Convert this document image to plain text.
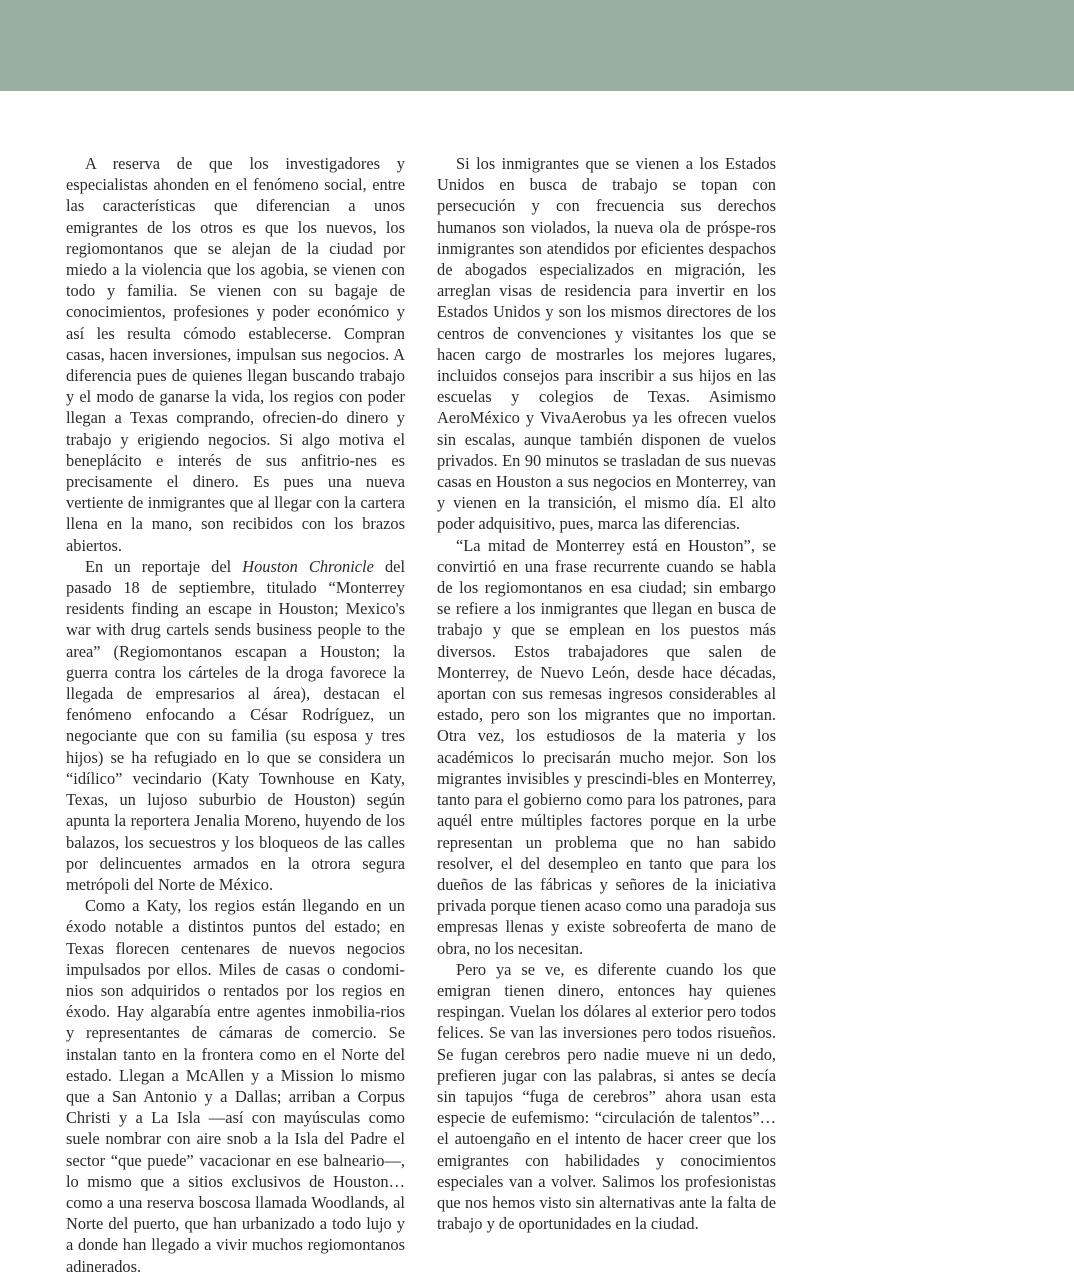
A reserva de que los investigadores y especialistas ahonden en el fenómeno social, entre las características que diferencian a unos emigrantes de los otros es que los nuevos, los regiomontanos que se alejan de la ciudad por miedo a la violencia que los agobia, se vienen con todo y familia. Se vienen con su bagaje de conocimientos, profesiones y poder económico y así les resulta cómodo establecerse. Compran casas, hacen inversiones, impulsan sus negocios. A diferencia pues de quienes llegan buscando trabajo y el modo de ganarse la vida, los regios con poder llegan a Texas comprando, ofrecien-do dinero y trabajo y erigiendo negocios. Si algo motiva el beneplácito e interés de sus anfitrio-nes es precisamente el dinero. Es pues una nueva vertiente de inmigrantes que al llegar con la cartera llena en la mano, son recibidos con los brazos abiertos.

En un reportaje del Houston Chronicle del pasado 18 de septiembre, titulado “Monterrey residents finding an escape in Houston; Mexico's war with drug cartels sends business people to the area” (Regiomontanos escapan a Houston; la guerra contra los cárteles de la droga favorece la llegada de empresarios al área), destacan el fenómeno enfocando a César Rodríguez, un negociante que con su familia (su esposa y tres hijos) se ha refugiado en lo que se considera un “idílico” vecindario (Katy Townhouse en Katy, Texas, un lujoso suburbio de Houston) según apunta la reportera Jenalia Moreno, huyendo de los balazos, los secuestros y los bloqueos de las calles por delincuentes armados en la otrora segura metrópoli del Norte de México.

Como a Katy, los regios están llegando en un éxodo notable a distintos puntos del estado; en Texas florecen centenares de nuevos negocios impulsados por ellos. Miles de casas o condomi-nios son adquiridos o rentados por los regios en éxodo. Hay algarabía entre agentes inmobilia-rios y representantes de cámaras de comercio. Se instalan tanto en la frontera como en el Norte del estado. Llegan a McAllen y a Mission lo mismo que a San Antonio y a Dallas; arriban a Corpus Christi y a La Isla —así con mayúsculas como suele nombrar con aire snob a la Isla del Padre el sector “que puede” vacacionar en ese balneario—, lo mismo que a sitios exclusivos de Houston… como a una reserva boscosa llamada Woodlands, al Norte del puerto, que han urbanizado a todo lujo y a donde han llegado a vivir muchos regiomontanos adinerados.

Si los inmigrantes que se vienen a los Estados Unidos en busca de trabajo se topan con persecución y con frecuencia sus derechos humanos son violados, la nueva ola de próspe-ros inmigrantes son atendidos por eficientes despachos de abogados especializados en migración, les arreglan visas de residencia para invertir en los Estados Unidos y son los mismos directores de los centros de convenciones y visitantes los que se hacen cargo de mostrarles los mejores lugares, incluidos consejos para inscribir a sus hijos en las escuelas y colegios de Texas. Asimismo AeroMéxico y VivaAerobus ya les ofrecen vuelos sin escalas, aunque también disponen de vuelos privados. En 90 minutos se trasladan de sus nuevas casas en Houston a sus negocios en Monterrey, van y vienen en la transición, el mismo día. El alto poder adquisitivo, pues, marca las diferencias.

“La mitad de Monterrey está en Houston”, se convirtió en una frase recurrente cuando se habla de los regiomontanos en esa ciudad; sin embargo se refiere a los inmigrantes que llegan en busca de trabajo y que se emplean en los puestos más diversos. Estos trabajadores que salen de Monterrey, de Nuevo León, desde hace décadas, aportan con sus remesas ingresos considerables al estado, pero son los migrantes que no importan. Otra vez, los estudiosos de la materia y los académicos lo precisarán mucho mejor. Son los migrantes invisibles y prescindi-bles en Monterrey, tanto para el gobierno como para los patrones, para aquél entre múltiples factores porque en la urbe representan un problema que no han sabido resolver, el del desempleo en tanto que para los dueños de las fábricas y señores de la iniciativa privada porque tienen acaso como una paradoja sus empresas llenas y existe sobreoferta de mano de obra, no los necesitan.

Pero ya se ve, es diferente cuando los que emigran tienen dinero, entonces hay quienes respingan. Vuelan los dólares al exterior pero todos felices. Se van las inversiones pero todos risueños. Se fugan cerebros pero nadie mueve ni un dedo, prefieren jugar con las palabras, si antes se decía sin tapujos “fuga de cerebros” ahora usan esta especie de eufemismo: “circulación de talentos”… el autoengaño en el intento de hacer creer que los emigrantes con habilidades y conocimientos especiales van a volver. Salimos los profesionistas que nos hemos visto sin alternativas ante la falta de trabajo y de oportunidades en la ciudad.
